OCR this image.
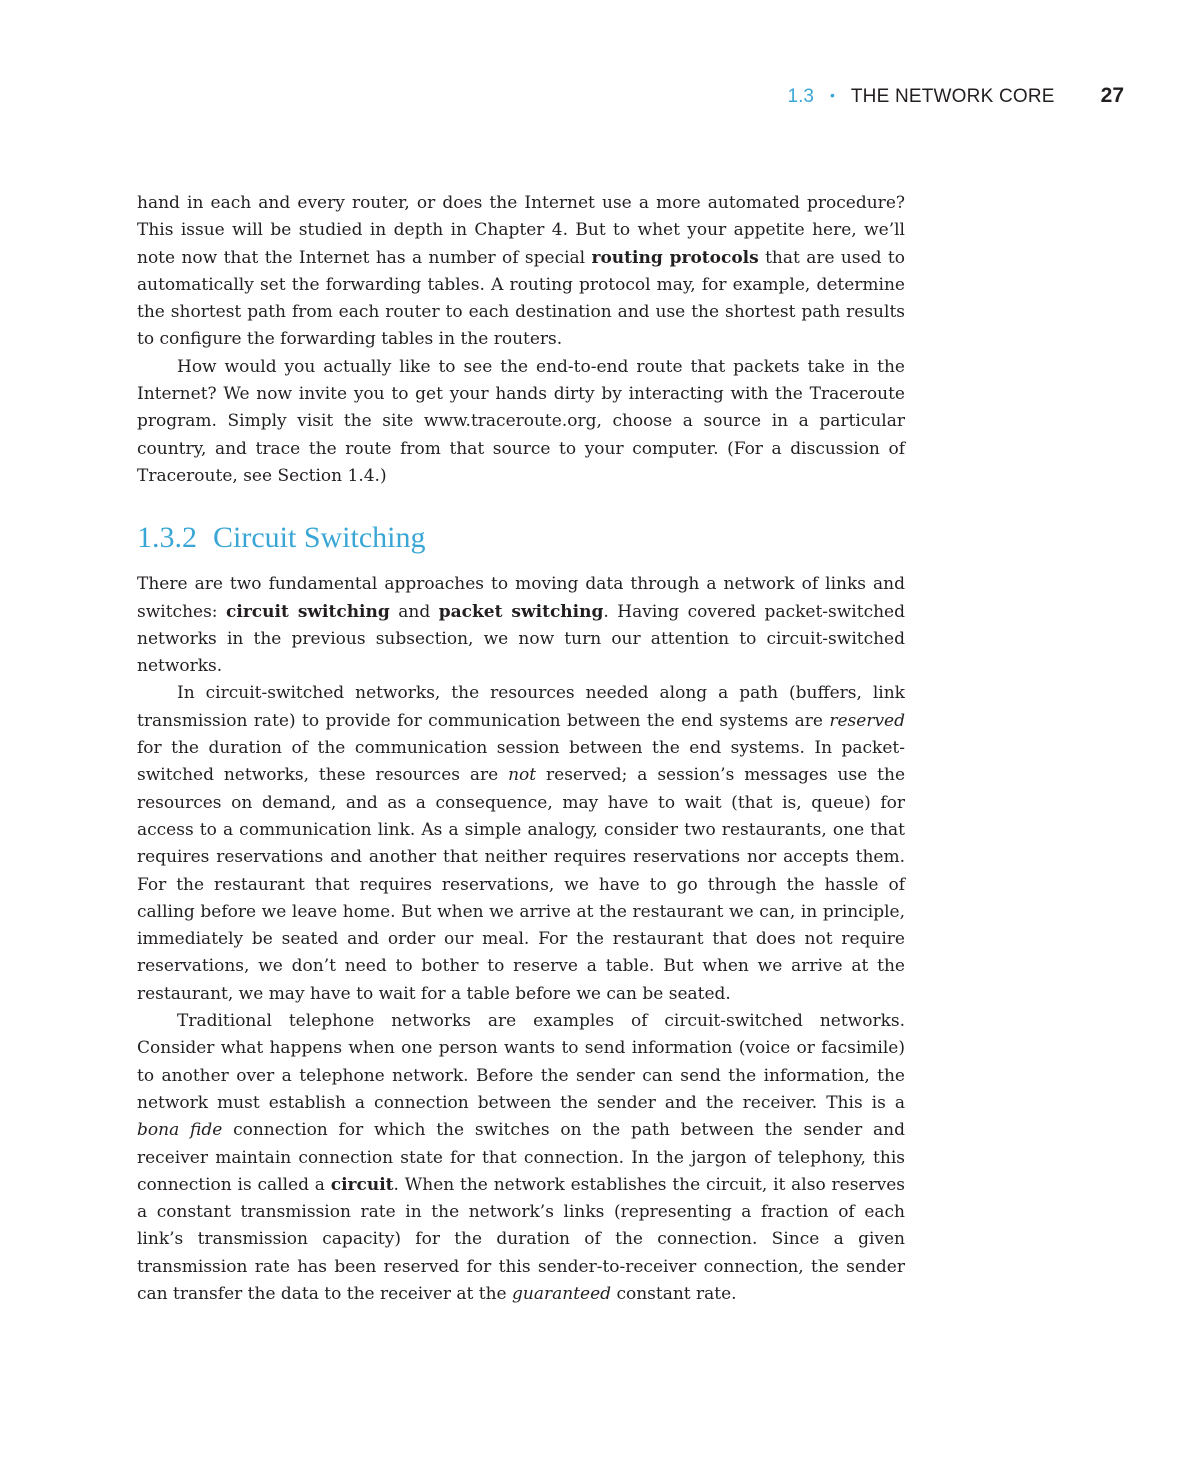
1.3 • THE NETWORK CORE 27

hand in each and every router, or does the Internet use a more automated procedure? This issue will be studied in depth in Chapter 4. But to whet your appetite here, we’ll note now that the Internet has a number of special routing protocols that are used to automatically set the forwarding tables. A routing protocol may, for example, determine the shortest path from each router to each destination and use the shortest path results to configure the forwarding tables in the routers.

How would you actually like to see the end-to-end route that packets take in the Internet? We now invite you to get your hands dirty by interacting with the Traceroute program. Simply visit the site www.traceroute.org, choose a source in a particular country, and trace the route from that source to your computer. (For a discussion of Traceroute, see Section 1.4.)

1.3.2 Circuit Switching

There are two fundamental approaches to moving data through a network of links and switches: circuit switching and packet switching. Having covered packet-switched networks in the previous subsection, we now turn our attention to circuit-switched networks.

In circuit-switched networks, the resources needed along a path (buffers, link transmission rate) to provide for communication between the end systems are reserved for the duration of the communication session between the end systems. In packet-switched networks, these resources are not reserved; a session’s messages use the resources on demand, and as a consequence, may have to wait (that is, queue) for access to a communication link. As a simple analogy, consider two restaurants, one that requires reservations and another that neither requires reservations nor accepts them. For the restaurant that requires reservations, we have to go through the hassle of calling before we leave home. But when we arrive at the restaurant we can, in principle, immediately be seated and order our meal. For the restaurant that does not require reservations, we don’t need to bother to reserve a table. But when we arrive at the restaurant, we may have to wait for a table before we can be seated.

Traditional telephone networks are examples of circuit-switched networks. Consider what happens when one person wants to send information (voice or facsimile) to another over a telephone network. Before the sender can send the information, the network must establish a connection between the sender and the receiver. This is a bona fide connection for which the switches on the path between the sender and receiver maintain connection state for that connection. In the jargon of telephony, this connection is called a circuit. When the network establishes the circuit, it also reserves a constant transmission rate in the network’s links (representing a fraction of each link’s transmission capacity) for the duration of the connection. Since a given transmission rate has been reserved for this sender-to-receiver connection, the sender can transfer the data to the receiver at the guaranteed constant rate.
